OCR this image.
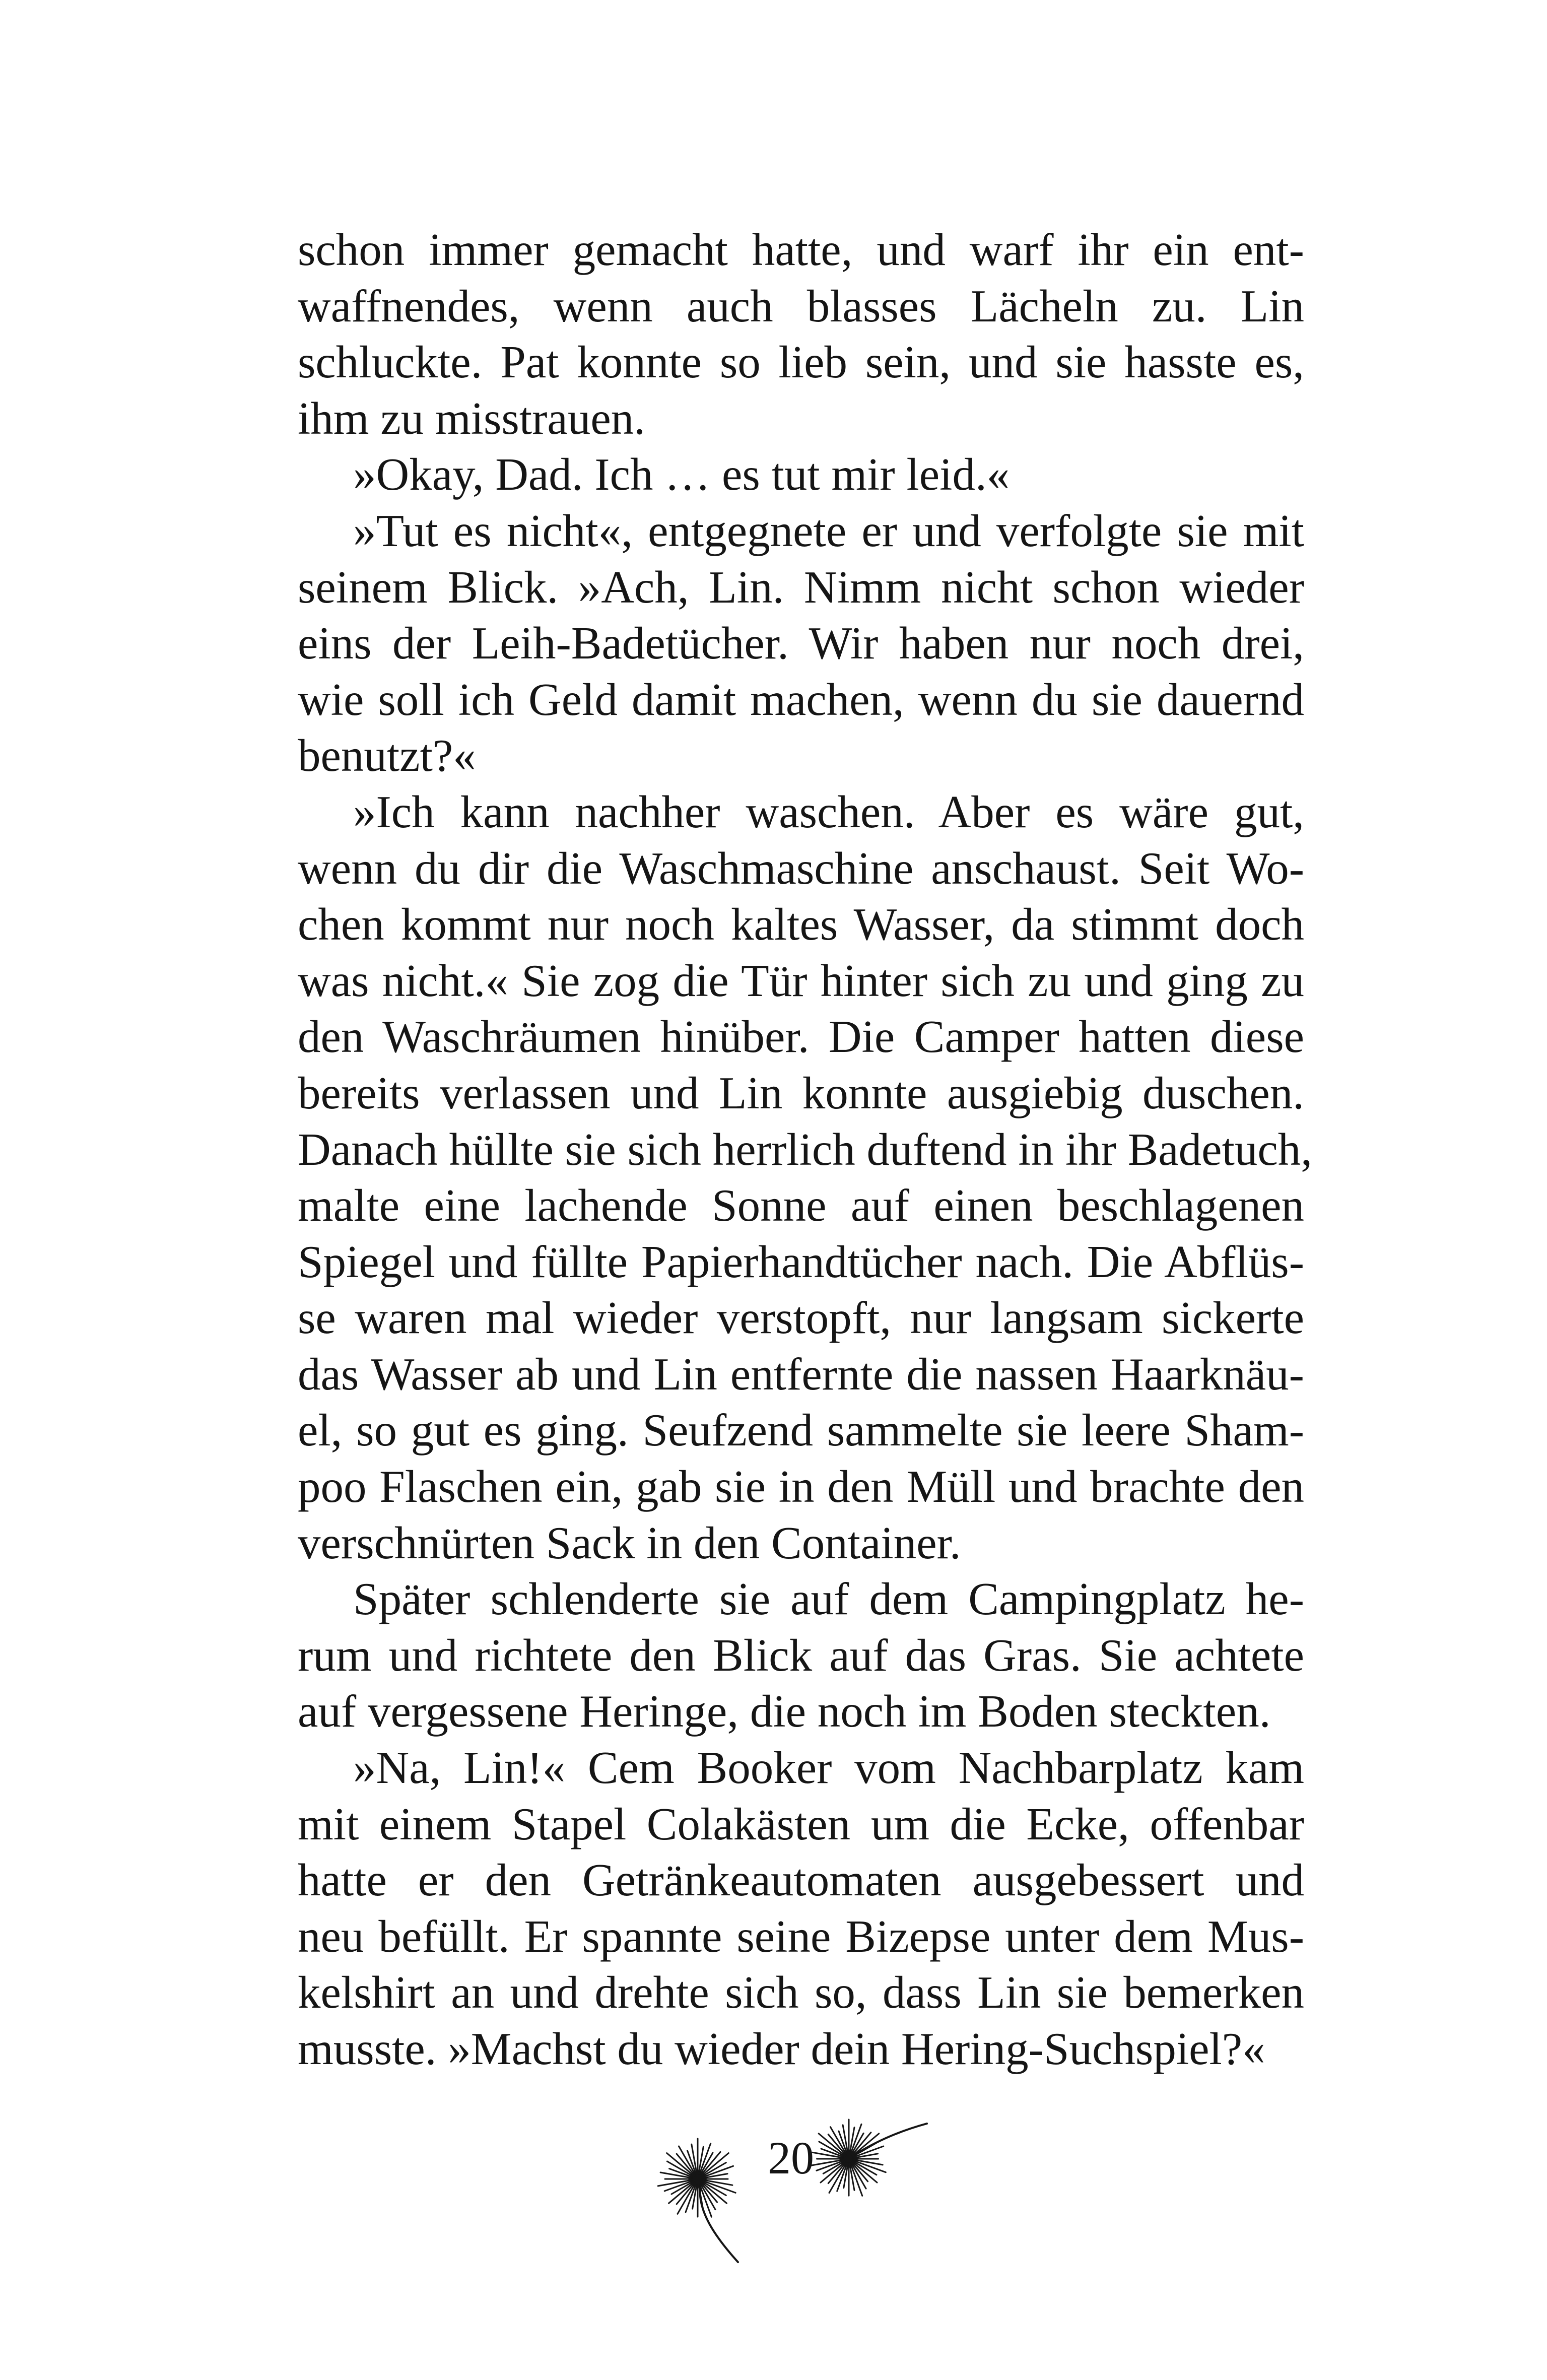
schon immer gemacht hatte, und warf ihr ein ent-
waffnendes, wenn auch blasses Lächeln zu. Lin
schluckte. Pat konnte so lieb sein, und sie hasste es,
ihm zu misstrauen.
»Okay, Dad. Ich … es tut mir leid.«
»Tut es nicht«, entgegnete er und verfolgte sie mit
seinem Blick. »Ach, Lin. Nimm nicht schon wieder
eins der Leih-Badetücher. Wir haben nur noch drei,
wie soll ich Geld damit machen, wenn du sie dauernd
benutzt?«
»Ich kann nachher waschen. Aber es wäre gut,
wenn du dir die Waschmaschine anschaust. Seit Wo-
chen kommt nur noch kaltes Wasser, da stimmt doch
was nicht.« Sie zog die Tür hinter sich zu und ging zu
den Waschräumen hinüber. Die Camper hatten diese
bereits verlassen und Lin konnte ausgiebig duschen.
Danach hüllte sie sich herrlich duftend in ihr Badetuch,
malte eine lachende Sonne auf einen beschlagenen
Spiegel und füllte Papierhandtücher nach. Die Abflüs-
se waren mal wieder verstopft, nur langsam sickerte
das Wasser ab und Lin entfernte die nassen Haarknäu-
el, so gut es ging. Seufzend sammelte sie leere Sham-
poo Flaschen ein, gab sie in den Müll und brachte den
verschnürten Sack in den Container.
Später schlenderte sie auf dem Campingplatz he-
rum und richtete den Blick auf das Gras. Sie achtete
auf vergessene Heringe, die noch im Boden steckten.
»Na, Lin!« Cem Booker vom Nachbarplatz kam
mit einem Stapel Colakästen um die Ecke, offenbar
hatte er den Getränkeautomaten ausgebessert und
neu befüllt. Er spannte seine Bizepse unter dem Mus-
kelshirt an und drehte sich so, dass Lin sie bemerken
musste. »Machst du wieder dein Hering-Suchspiel?«
20
